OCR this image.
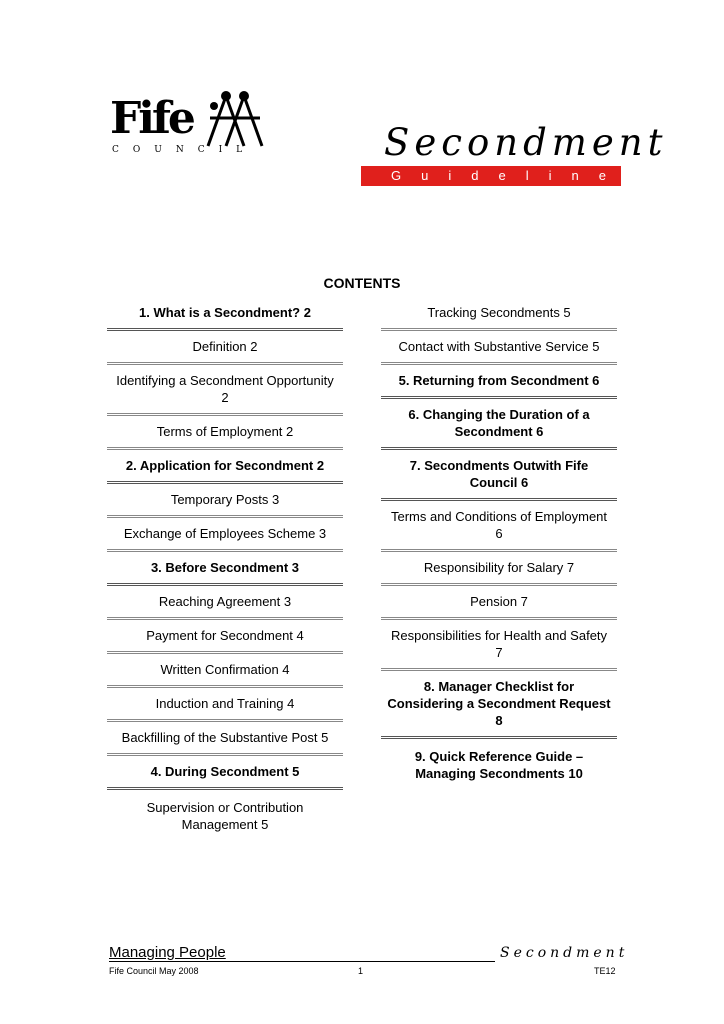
Fife
COUNCIL	Secondment
Guidelines
CONTENTS
1. What is a Secondment? 2
Definition 2
Identifying a Secondment Opportunity 2
Terms of Employment 2
2. Application for Secondment 2
Temporary Posts 3
Exchange of Employees Scheme 3
3. Before Secondment 3
Reaching Agreement 3
Payment for Secondment 4
Written Confirmation 4
Induction and Training 4
Backfilling of the Substantive Post 5
4. During Secondment 5
Supervision or Contribution Management 5
Tracking Secondments 5
Contact with Substantive Service 5
5. Returning from Secondment 6
6. Changing the Duration of a Secondment 6
7. Secondments Outwith Fife Council 6
Terms and Conditions of Employment 6
Responsibility for Salary 7
Pension 7
Responsibilities for Health and Safety 7
8. Manager Checklist for Considering a Secondment Request 8
9. Quick Reference Guide – Managing Secondments 10
Managing People	Secondment
Fife Council May 2008	1	TE12
